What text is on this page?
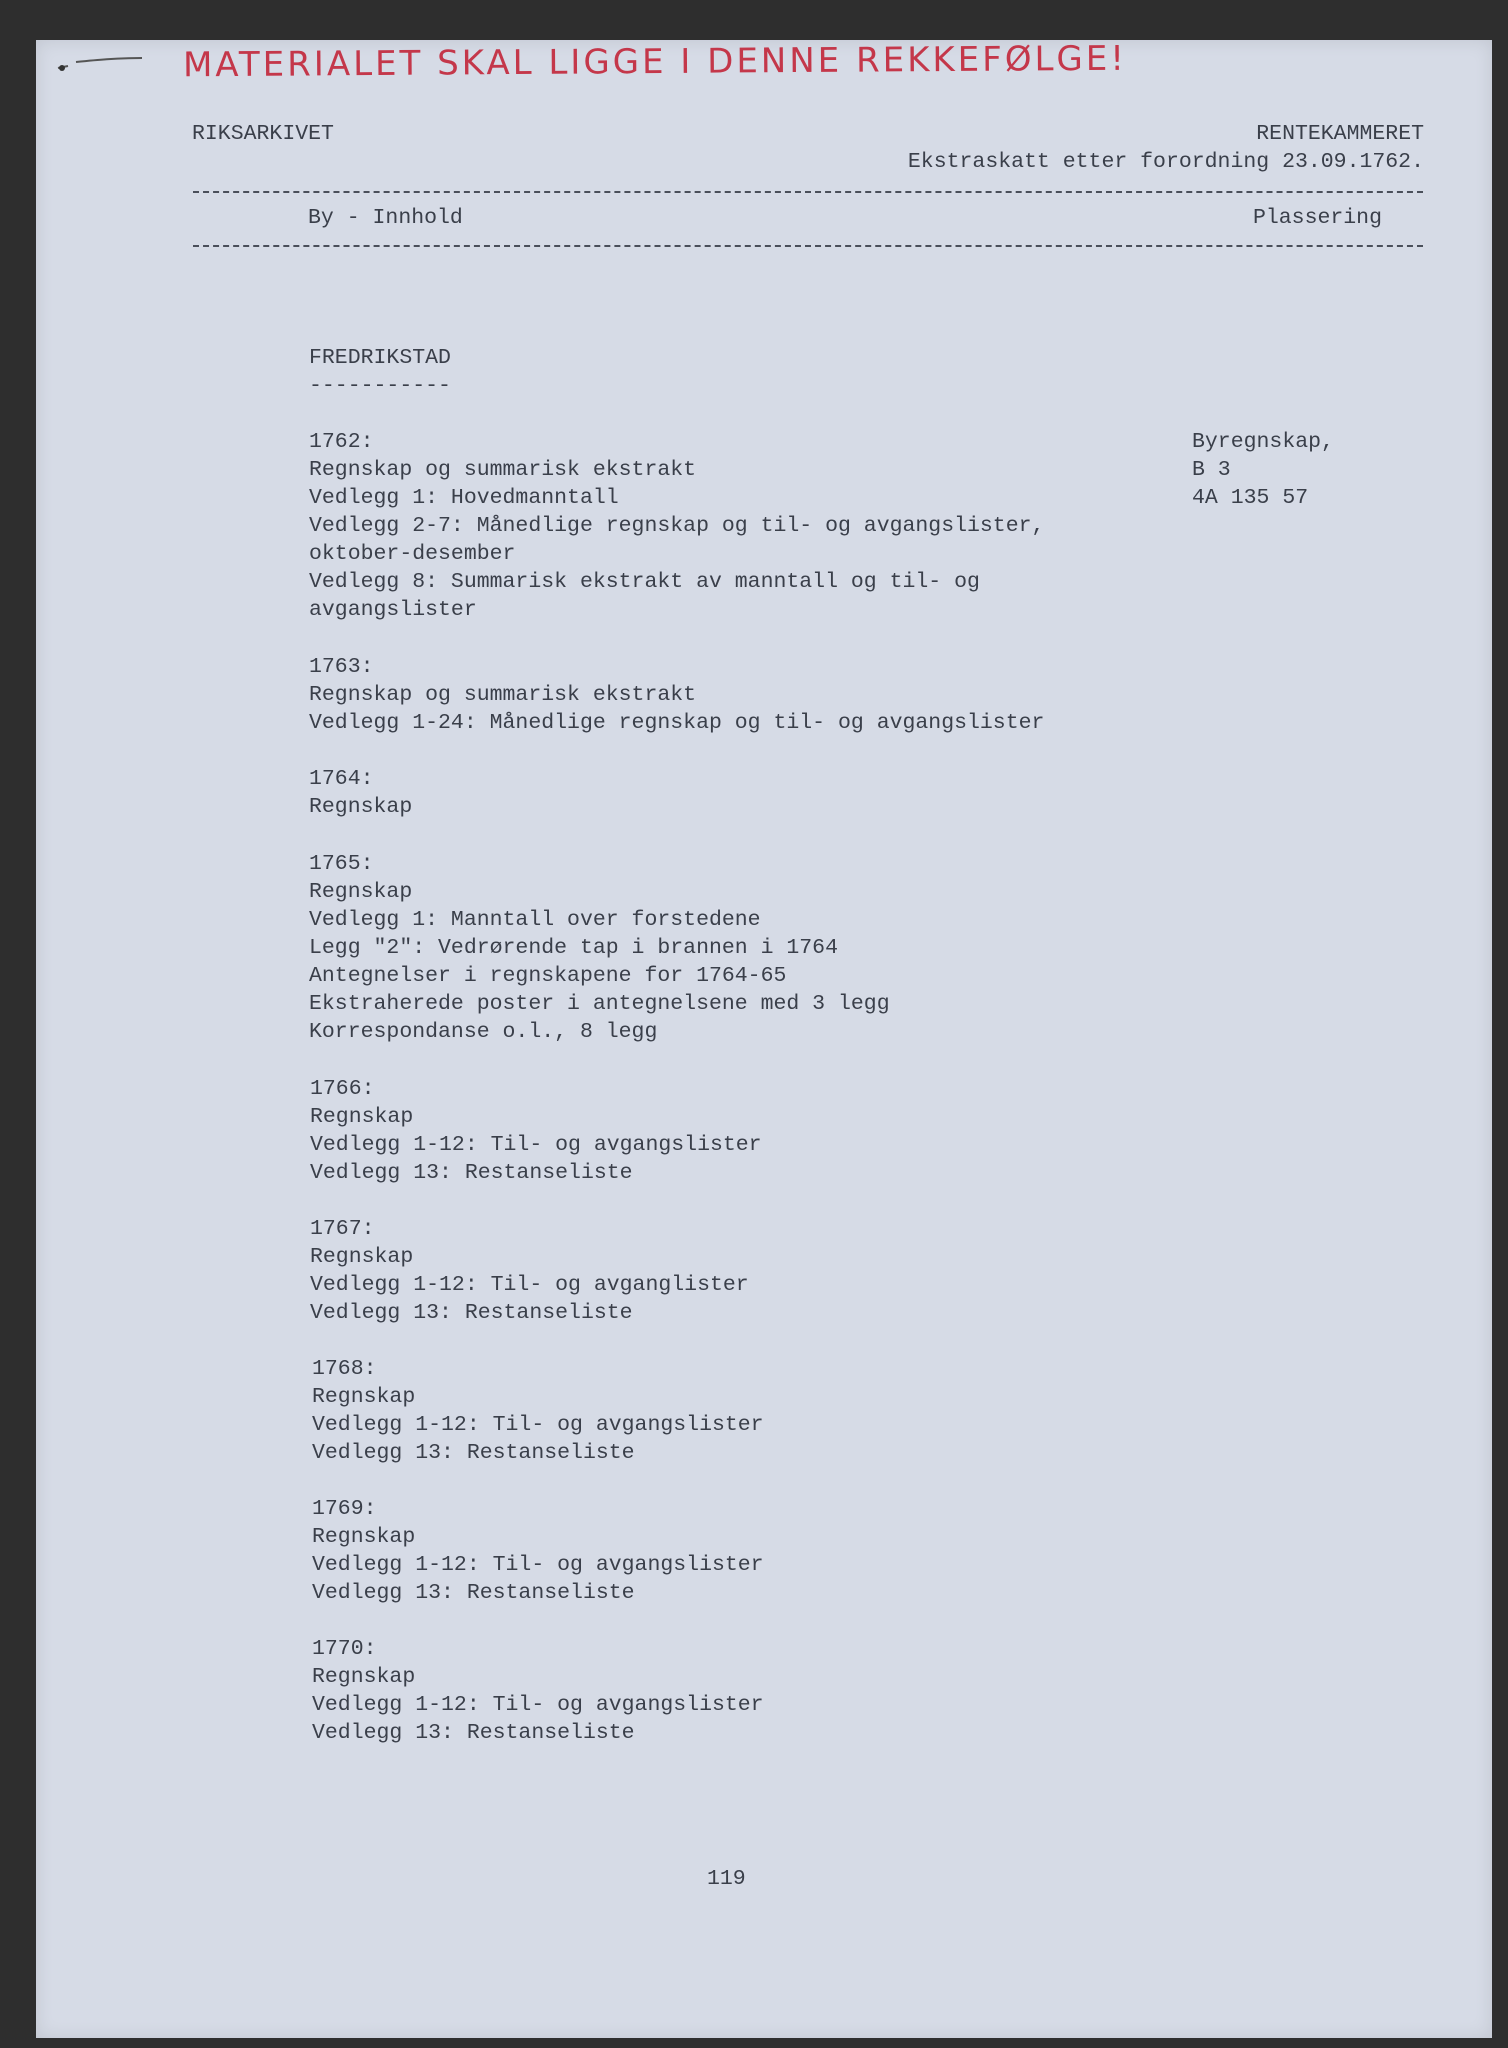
MATERIALET SKAL LIGGE I DENNE REKKEFØLGE!
RIKSARKIVET	RENTEKAMMERET
Ekstraskatt etter forordning 23.09.1762.
By - Innhold	Plassering
FREDRIKSTAD
-----------
Byregnskap,
B 3
4A 135 57
1762:
Regnskap og summarisk ekstrakt
Vedlegg 1: Hovedmanntall
Vedlegg 2-7: Månedlige regnskap og til- og avgangslister,
oktober-desember
Vedlegg 8: Summarisk ekstrakt av manntall og til- og
avgangslister
1763:
Regnskap og summarisk ekstrakt
Vedlegg 1-24: Månedlige regnskap og til- og avgangslister
1764:
Regnskap
1765:
Regnskap
Vedlegg 1: Manntall over forstedene
Legg "2": Vedrørende tap i brannen i 1764
Antegnelser i regnskapene for 1764-65
Ekstraherede poster i antegnelsene med 3 legg
Korrespondanse o.l., 8 legg
1766:
Regnskap
Vedlegg 1-12: Til- og avgangslister
Vedlegg 13: Restanseliste
1767:
Regnskap
Vedlegg 1-12: Til- og avganglister
Vedlegg 13: Restanseliste
1768:
Regnskap
Vedlegg 1-12: Til- og avgangslister
Vedlegg 13: Restanseliste
1769:
Regnskap
Vedlegg 1-12: Til- og avgangslister
Vedlegg 13: Restanseliste
1770:
Regnskap
Vedlegg 1-12: Til- og avgangslister
Vedlegg 13: Restanseliste
119
